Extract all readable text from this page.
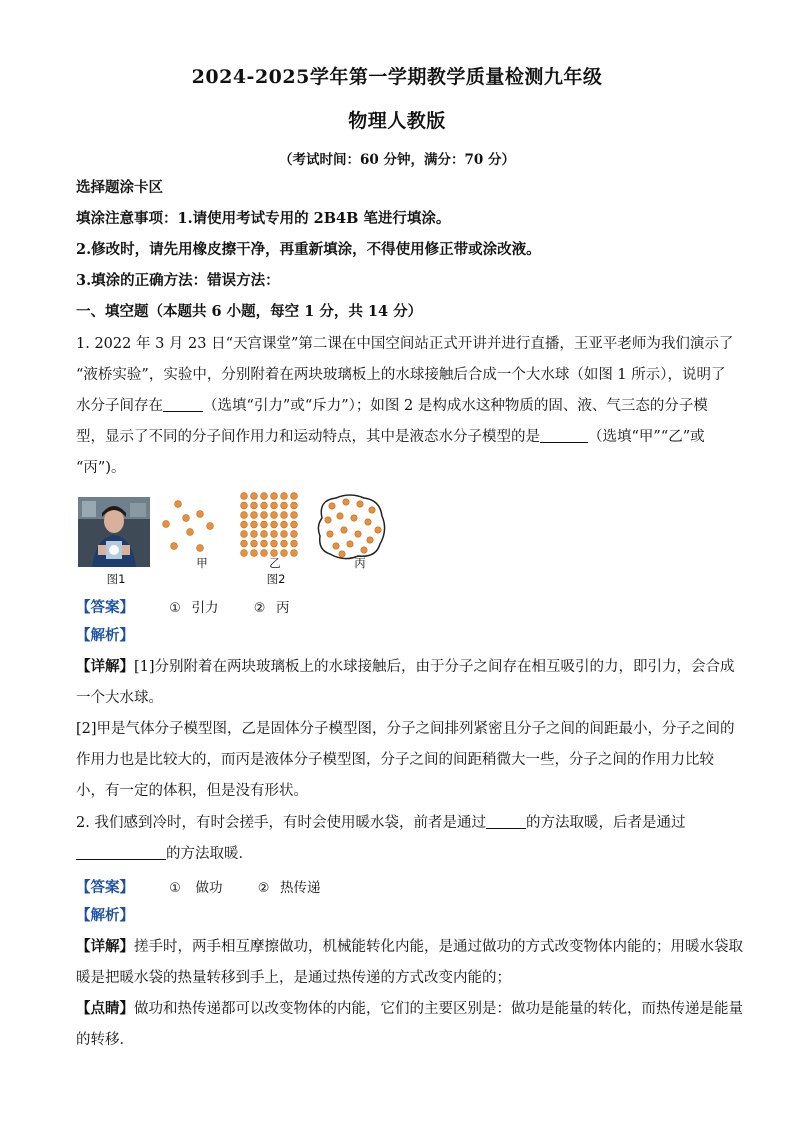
2024-2025学年第一学期教学质量检测九年级
物理人教版
（考试时间：60 分钟，满分：70 分）
选择题涂卡区
填涂注意事项：1.请使用考试专用的 2B4B 笔进行填涂。
2.修改时，请先用橡皮擦干净，再重新填涂，不得使用修正带或涂改液。
3.填涂的正确方法：错误方法：
一、填空题（本题共 6 小题，每空 1 分，共 14 分）
1. 2022 年 3 月 23 日“天宫课堂”第二课在中国空间站正式开讲并进行直播，王亚平老师为我们演示了
“液桥实验”，实验中，分别附着在两块玻璃板上的水球接触后合成一个大水球（如图 1 所示），说明了
水分子间存在	（选填“引力”或“斥力”）；如图 2 是构成水这种物质的固、液、气三态的分子模
型，显示了不同的分子间作用力和运动特点，其中是液态水分子模型的是	（选填“甲”“乙”或
“丙”)。
图1
甲	乙	丙
图2
【答案】	① 引力	② 丙
【解析】
【详解】[1]分别附着在两块玻璃板上的水球接触后，由于分子之间存在相互吸引的力，即引力，会合成
一个大水球。
[2]甲是气体分子模型图，乙是固体分子模型图，分子之间排列紧密且分子之间的间距最小，分子之间的
作用力也是比较大的，而丙是液体分子模型图，分子之间的间距稍微大一些，分子之间的作用力比较
小，有一定的体积，但是没有形状。
2. 我们感到冷时，有时会搓手，有时会使用暖水袋，前者是通过	的方法取暖，后者是通过
的方法取暖．
【答案】	① 做功	② 热传递
【解析】
【详解】搓手时，两手相互摩擦做功，机械能转化内能，是通过做功的方式改变物体内能的；用暖水袋取
暖是把暖水袋的热量转移到手上，是通过热传递的方式改变内能的；
【点睛】做功和热传递都可以改变物体的内能，它们的主要区别是：做功是能量的转化，而热传递是能量
的转移．
